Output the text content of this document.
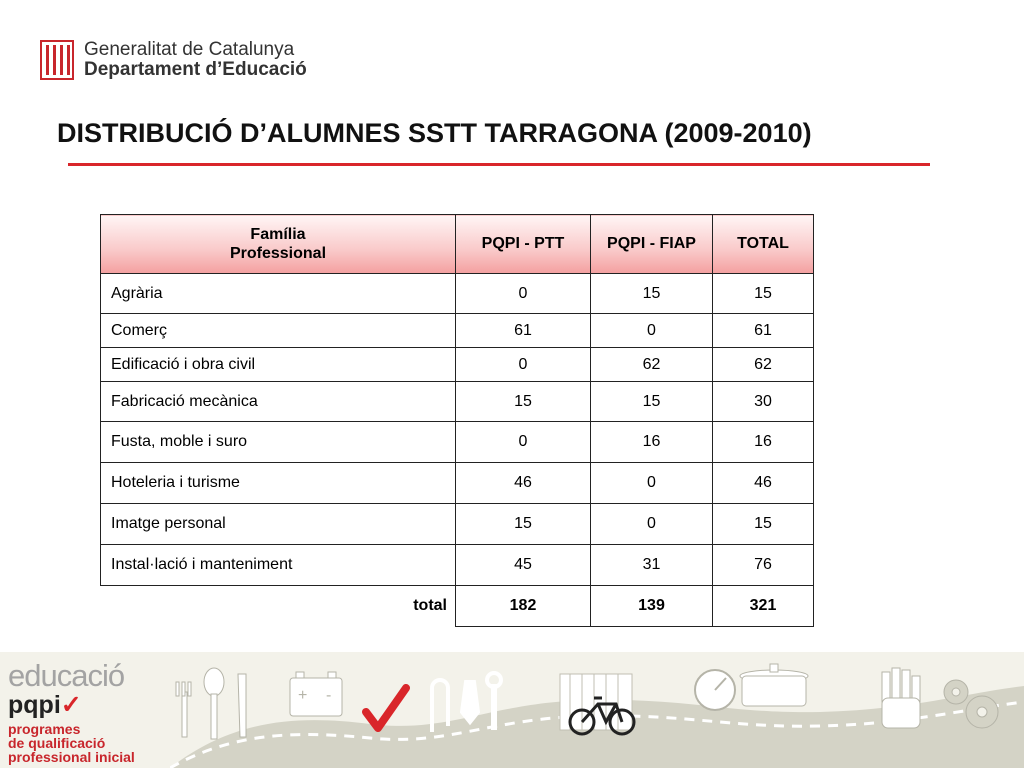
Generalitat de Catalunya
Departament d’Educació
DISTRIBUCIÓ D’ALUMNES SSTT TARRAGONA (2009-2010)
Família
Professional	PQPI - PTT	PQPI - FIAP	TOTAL
Agrària	0	15	15
Comerç	61	0	61
Edificació i obra civil	0	62	62
Fabricació mecànica	15	15	30
Fusta, moble i suro	0	16	16
Hoteleria i turisme	46	0	46
Imatge personal	15	0	15
Instal·lació i manteniment	45	31	76
total	182	139	321
educació
pqpi✓
programes
de qualificació
professional inicial
+ -
